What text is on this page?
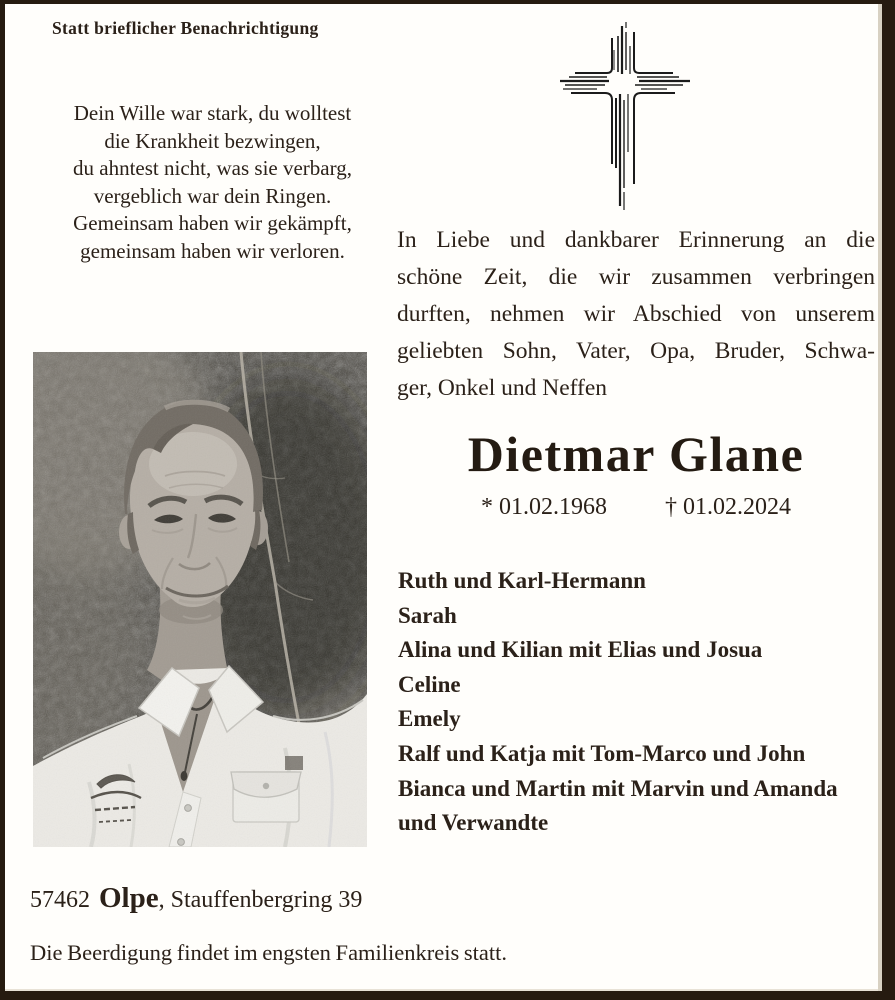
Statt brieflicher Benachrichtigung
Dein Wille war stark, du wolltest
die Krankheit bezwingen,
du ahntest nicht, was sie verbarg,
vergeblich war dein Ringen.
Gemeinsam haben wir gekämpft,
gemeinsam haben wir verloren.	In Liebe und dankbarer Erinnerung an die
schöne Zeit, die wir zusammen verbringen
durften, nehmen wir Abschied von unserem
geliebten Sohn, Vater, Opa, Bruder, Schwa-
ger, Onkel und Neffen
Dietmar Glane
* 01.02.1968 † 01.02.2024
Ruth und Karl-Hermann
Sarah
Alina und Kilian mit Elias und Josua
Celine
Emely
Ralf und Katja mit Tom-Marco und John
Bianca und Martin mit Marvin und Amanda
und Verwandte
57462 Olpe, Stauffenbergring 39
Die Beerdigung findet im engsten Familienkreis statt.
